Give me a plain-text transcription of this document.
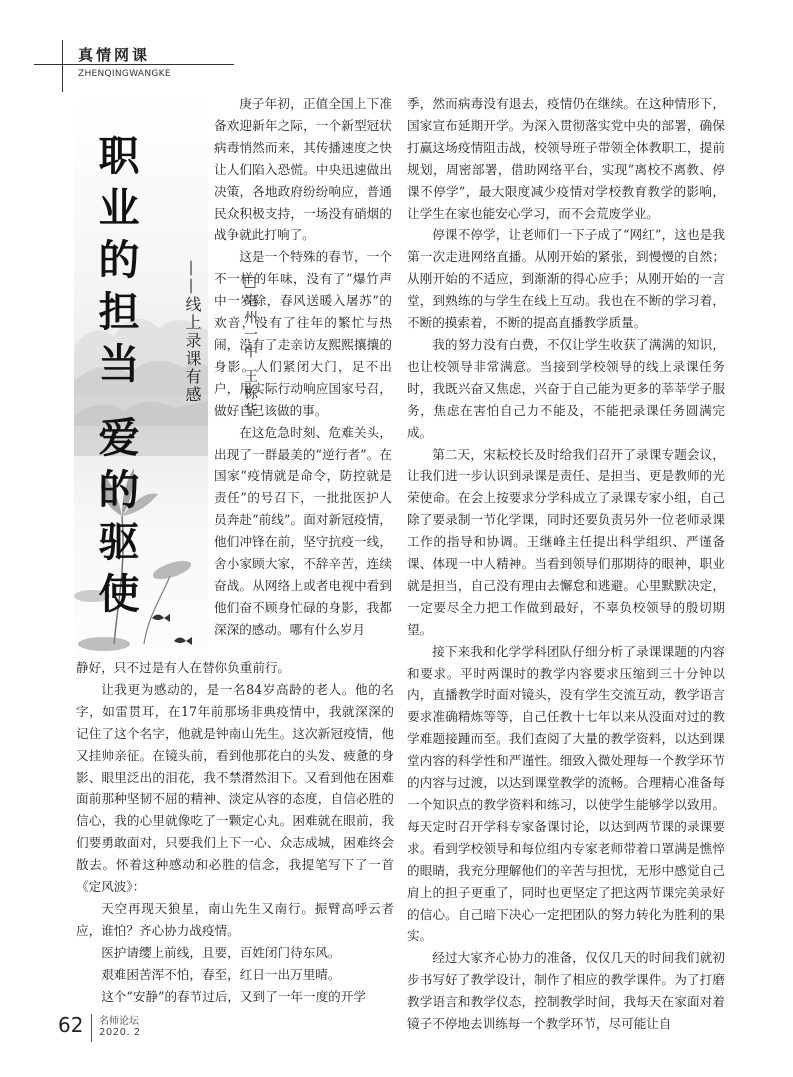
真情网课
ZHENQINGWANGKE
职
业
的
担
当
爱
的
驱
使
——线上录课有感	□亳州一中 王栋华

庚子年初，正值全国上下准备欢迎新年之际，一个新型冠状病毒悄然而来，其传播速度之快让人们陷入恐慌。中央迅速做出决策，各地政府纷纷响应，普通民众积极支持，一场没有硝烟的战争就此打响了。

这是一个特殊的春节，一个不一样的年味，没有了“爆竹声中一岁除，春风送暖入屠苏”的欢音，没有了往年的繁忙与热闹，没有了走亲访友熙熙攘攘的身影。人们紧闭大门，足不出户，用实际行动响应国家号召，做好自己该做的事。

在这危急时刻、危难关头，出现了一群最美的“逆行者”。在国家“疫情就是命令，防控就是责任”的号召下，一批批医护人员奔赴“前线”。面对新冠疫情，他们冲锋在前，坚守抗疫一线，舍小家顾大家，不辞辛苦，连续奋战。从网络上或者电视中看到他们奋不顾身忙碌的身影，我都深深的感动。哪有什么岁月

静好，只不过是有人在替你负重前行。

让我更为感动的，是一名84岁高龄的老人。他的名字，如雷贯耳，在17年前那场非典疫情中，我就深深的记住了这个名字，他就是钟南山先生。这次新冠疫情，他又挂帅亲征。在镜头前，看到他那花白的头发、疲惫的身影、眼里泛出的泪花，我不禁潸然泪下。又看到他在困难面前那种坚韧不屈的精神、淡定从容的态度，自信必胜的信心，我的心里就像吃了一颗定心丸。困难就在眼前，我们要勇敢面对，只要我们上下一心、众志成城，困难终会散去。怀着这种感动和必胜的信念，我提笔写下了一首《定风波》：

天空再现天狼星，南山先生又南行。振臂高呼云者应，谁怕？齐心协力战疫情。

医护请缨上前线，且要，百姓闭门待东风。

艰难困苦浑不怕，春至，红日一出万里晴。

这个“安静”的春节过后，又到了一年一度的开学

季，然而病毒没有退去，疫情仍在继续。在这种情形下，国家宣布延期开学。为深入贯彻落实党中央的部署，确保打赢这场疫情阻击战，校领导班子带领全体教职工，提前规划，周密部署，借助网络平台，实现“离校不离教、停课不停学”，最大限度减少疫情对学校教育教学的影响，让学生在家也能安心学习，而不会荒废学业。

停课不停学，让老师们一下子成了“网红”，这也是我第一次走进网络直播。从刚开始的紧张，到慢慢的自然；从刚开始的不适应，到渐渐的得心应手；从刚开始的一言堂，到熟练的与学生在线上互动。我也在不断的学习着，不断的摸索着，不断的提高直播教学质量。

我的努力没有白费，不仅让学生收获了满满的知识，也让校领导非常满意。当接到学校领导的线上录课任务时，我既兴奋又焦虑，兴奋于自己能为更多的莘莘学子服务，焦虑在害怕自己力不能及，不能把录课任务圆满完成。

第二天，宋耘校长及时给我们召开了录课专题会议，让我们进一步认识到录课是责任、是担当、更是教师的光荣使命。在会上按要求分学科成立了录课专家小组，自己除了要录制一节化学课，同时还要负责另外一位老师录课工作的指导和协调。王继峰主任提出科学组织、严谨备课、体现一中人精神。当看到领导们那期待的眼神，职业就是担当，自己没有理由去懈怠和逃避。心里默默决定，一定要尽全力把工作做到最好，不辜负校领导的殷切期望。

接下来我和化学学科团队仔细分析了录课课题的内容和要求。平时两课时的教学内容要求压缩到三十分钟以内，直播教学时面对镜头，没有学生交流互动，教学语言要求准确精炼等等，自己任教十七年以来从没面对过的教学难题接踵而至。我们查阅了大量的教学资料，以达到课堂内容的科学性和严谨性。细致入微处理每一个教学环节的内容与过渡，以达到课堂教学的流畅。合理精心准备每一个知识点的教学资料和练习，以使学生能够学以致用。每天定时召开学科专家备课讨论，以达到两节课的录课要求。看到学校领导和每位组内专家老师带着口罩满是憔悴的眼睛，我充分理解他们的辛苦与担忧，无形中感觉自己肩上的担子更重了，同时也更坚定了把这两节课完美录好的信心。自己暗下决心一定把团队的努力转化为胜利的果实。

经过大家齐心协力的准备，仅仅几天的时间我们就初步书写好了教学设计，制作了相应的教学课件。为了打磨教学语言和教学仪态，控制教学时间，我每天在家面对着镜子不停地去训练每一个教学环节，尽可能让自

62 名师论坛
2020. 2
